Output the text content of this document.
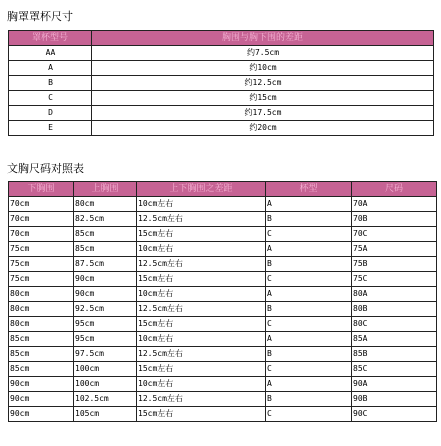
胸罩罩杯尺寸
罩杯型号	胸围与胸下围的差距
AA	约7.5cm
A	约10cm
B	约12.5cm
C	约15cm
D	约17.5cm
E	约20cm
文胸尺码对照表
下胸围	上胸围	上下胸围之差距	杯型	尺码
70cm	80cm	10cm左右	A	70A
70cm	82.5cm	12.5cm左右	B	70B
70cm	85cm	15cm左右	C	70C
75cm	85cm	10cm左右	A	75A
75cm	87.5cm	12.5cm左右	B	75B
75cm	90cm	15cm左右	C	75C
80cm	90cm	10cm左右	A	80A
80cm	92.5cm	12.5cm左右	B	80B
80cm	95cm	15cm左右	C	80C
85cm	95cm	10cm左右	A	85A
85cm	97.5cm	12.5cm左右	B	85B
85cm	100cm	15cm左右	C	85C
90cm	100cm	10cm左右	A	90A
90cm	102.5cm	12.5cm左右	B	90B
90cm	105cm	15cm左右	C	90C
